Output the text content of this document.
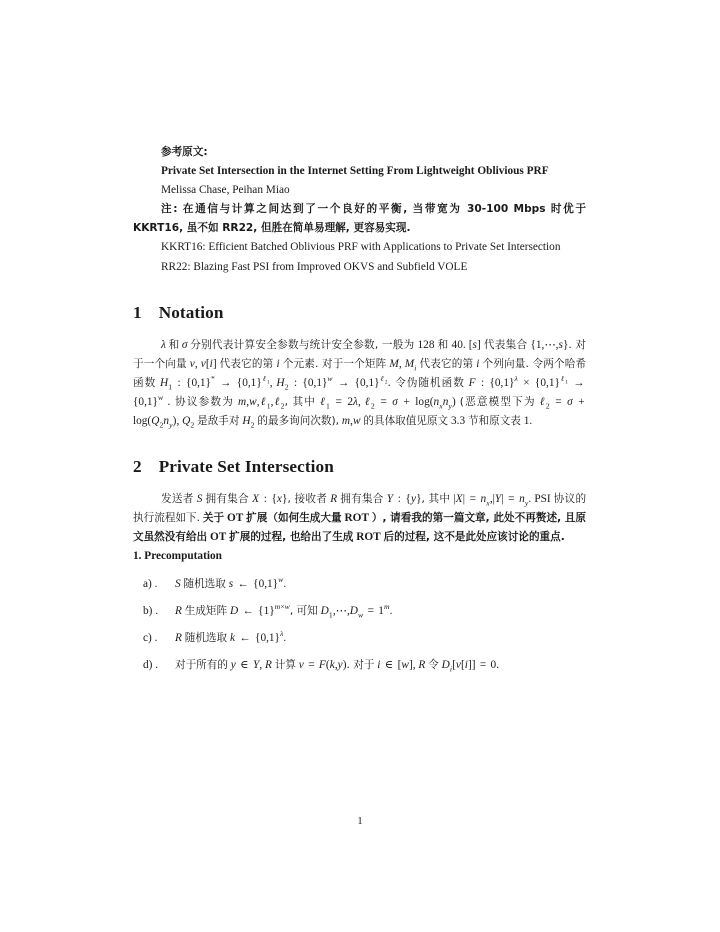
参考原文:

Private Set Intersection in the Internet Setting From Lightweight Oblivious PRF

Melissa Chase, Peihan Miao

注: 在通信与计算之间达到了一个良好的平衡, 当带宽为 30-100 Mbps 时优于 KKRT16, 虽不如 RR22, 但胜在简单易理解, 更容易实现.

KKRT16: Efficient Batched Oblivious PRF with Applications to Private Set Intersection

RR22: Blazing Fast PSI from Improved OKVS and Subfield VOLE

1 Notation

λ 和 σ 分别代表计算安全参数与统计安全参数, 一般为 128 和 40. [s] 代表集合 {1,⋯,s}. 对于一个向量 v, v[i] 代表它的第 i 个元素. 对于一个矩阵 M, $M_i$ 代表它的第 i 个列向量. 令两个哈希函数 $H_1$ : $\{0,1\}^* \to \{0,1\}^{\ell_1}$, $H_2$ : $\{0,1\}^w \to \{0,1\}^{\ell_2}$. 令伪随机函数 F : $\{0,1\}^\lambda \times \{0,1\}^{\ell_1} \to \{0,1\}^w$ . 协议参数为 m,w,ℓ$_1$,ℓ$_2$, 其中 ℓ$_1$ = 2λ, ℓ$_2$ = $\sigma + \log(n_xn_y)$ (恶意模型下为 ℓ$_2$ = $\sigma + \log(Q_2n_y)$, $Q_2$ 是敌手对 $H_2$ 的最多询问次数), m,w 的具体取值见原文 3.3 节和原文表 1.

2 Private Set Intersection

发送者 S 拥有集合 X : {x}, 接收者 R 拥有集合 Y : {y}, 其中 $|X| = n_x,|Y| = n_y$. PSI 协议的执行流程如下. 关于 OT 扩展（如何生成大量 ROT ）, 请看我的第一篇文章, 此处不再赘述, 且原文虽然没有给出 OT 扩展的过程, 也给出了生成 ROT 后的过程, 这不是此处应该讨论的重点.

1. Precomputation

a) .	S 随机选取 s ← $\{0,1\}^w$.
b) .	R 生成矩阵 D ← $\{1\}^{m\times w}$, 可知 $D_1,\cdots,D_w = 1^m$.
c) .	R 随机选取 k ← $\{0,1\}^\lambda$.
d) .	对于所有的 y ∈ Y, R 计算 v = F(k,y). 对于 i ∈ [w], R 令 $D_i[v[i]] = 0$.
1
